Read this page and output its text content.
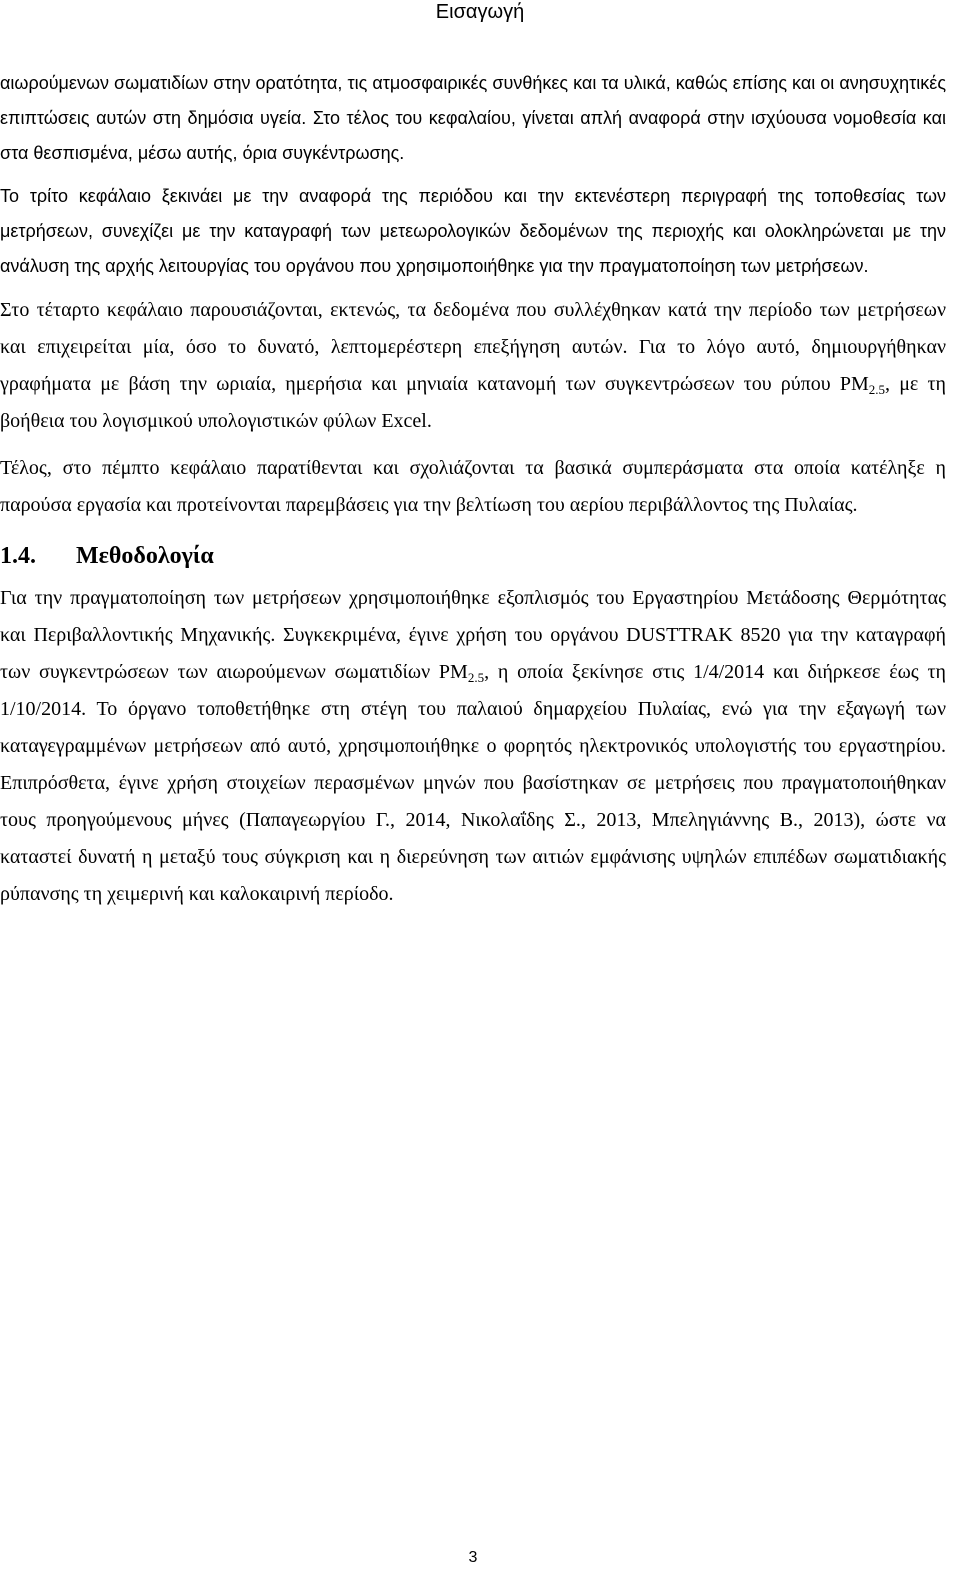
Εισαγωγή

αιωρούμενων σωματιδίων στην ορατότητα, τις ατμοσφαιρικές συνθήκες και τα υλικά, καθώς επίσης και οι ανησυχητικές επιπτώσεις αυτών στη δημόσια υγεία. Στο τέλος του κεφαλαίου, γίνεται απλή αναφορά στην ισχύουσα νομοθεσία και στα θεσπισμένα, μέσω αυτής, όρια συγκέντρωσης.

Το τρίτο κεφάλαιο ξεκινάει με την αναφορά της περιόδου και την εκτενέστερη περιγραφή της τοποθεσίας των μετρήσεων, συνεχίζει με την καταγραφή των μετεωρολογικών δεδομένων της περιοχής και ολοκληρώνεται με την ανάλυση της αρχής λειτουργίας του οργάνου που χρησιμοποιήθηκε για την πραγματοποίηση των μετρήσεων.

Στο τέταρτο κεφάλαιο παρουσιάζονται, εκτενώς, τα δεδομένα που συλλέχθηκαν κατά την περίοδο των μετρήσεων και επιχειρείται μία, όσο το δυνατό, λεπτομερέστερη επεξήγηση αυτών. Για το λόγο αυτό, δημιουργήθηκαν γραφήματα με βάση την ωριαία, ημερήσια και μηνιαία κατανομή των συγκεντρώσεων του ρύπου $PM_{2.5}$, με τη βοήθεια του λογισμικού υπολογιστικών φύλων Excel.

Τέλος, στο πέμπτο κεφάλαιο παρατίθενται και σχολιάζονται τα βασικά συμπεράσματα στα οποία κατέληξε η παρούσα εργασία και προτείνονται παρεμβάσεις για την βελτίωση του αερίου περιβάλλοντος της Πυλαίας.

1.4. Μεθοδολογία

Για την πραγματοποίηση των μετρήσεων χρησιμοποιήθηκε εξοπλισμός του Εργαστηρίου Μετάδοσης Θερμότητας και Περιβαλλοντικής Μηχανικής. Συγκεκριμένα, έγινε χρήση του οργάνου DUSTTRAK 8520 για την καταγραφή των συγκεντρώσεων των αιωρούμενων σωματιδίων $PM_{2.5}$, η οποία ξεκίνησε στις 1/4/2014 και διήρκεσε έως τη 1/10/2014. Το όργανο τοποθετήθηκε στη στέγη του παλαιού δημαρχείου Πυλαίας, ενώ για την εξαγωγή των καταγεγραμμένων μετρήσεων από αυτό, χρησιμοποιήθηκε ο φορητός ηλεκτρονικός υπολογιστής του εργαστηρίου. Επιπρόσθετα, έγινε χρήση στοιχείων περασμένων μηνών που βασίστηκαν σε μετρήσεις που πραγματοποιήθηκαν τους προηγούμενους μήνες (Παπαγεωργίου Γ., 2014, Νικολαΐδης Σ., 2013, Μπεληγιάννης Β., 2013), ώστε να καταστεί δυνατή η μεταξύ τους σύγκριση και η διερεύνηση των αιτιών εμφάνισης υψηλών επιπέδων σωματιδιακής ρύπανσης τη χειμερινή και καλοκαιρινή περίοδο.

3
